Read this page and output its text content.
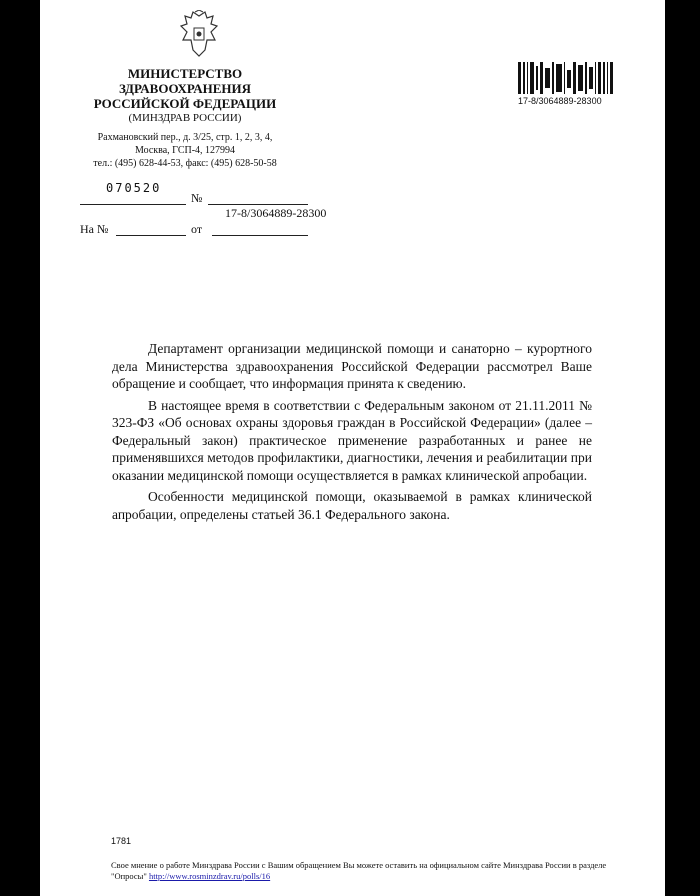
МИНИСТЕРСТВО
ЗДРАВООХРАНЕНИЯ
РОССИЙСКОЙ ФЕДЕРАЦИИ
(МИНЗДРАВ РОССИИ)
Рахмановский пер., д. 3/25, стр. 1, 2, 3, 4,
Москва, ГСП-4, 127994
тел.: (495) 628-44-53, факс: (495) 628-50-58
070520
№
17-8/3064889-28300
На №	от
17-8/3064889-28300

Департамент организации медицинской помощи и санаторно – курортного дела Министерства здравоохранения Российской Федерации рассмотрел Ваше обращение и сообщает, что информация принята к сведению.

В настоящее время в соответствии с Федеральным законом от 21.11.2011 № 323-ФЗ «Об основах охраны здоровья граждан в Российской Федерации» (далее – Федеральный закон) практическое применение разработанных и ранее не применявшихся методов профилактики, диагностики, лечения и реабилитации при оказании медицинской помощи осуществляется в рамках клинической апробации.

Особенности медицинской помощи, оказываемой в рамках клинической апробации, определены статьей 36.1 Федерального закона.

1781
Свое мнение о работе Минздрава России с Вашим обращением Вы можете оставить на официальном сайте Минздрава России в разделе "Опросы" http://www.rosminzdrav.ru/polls/16
